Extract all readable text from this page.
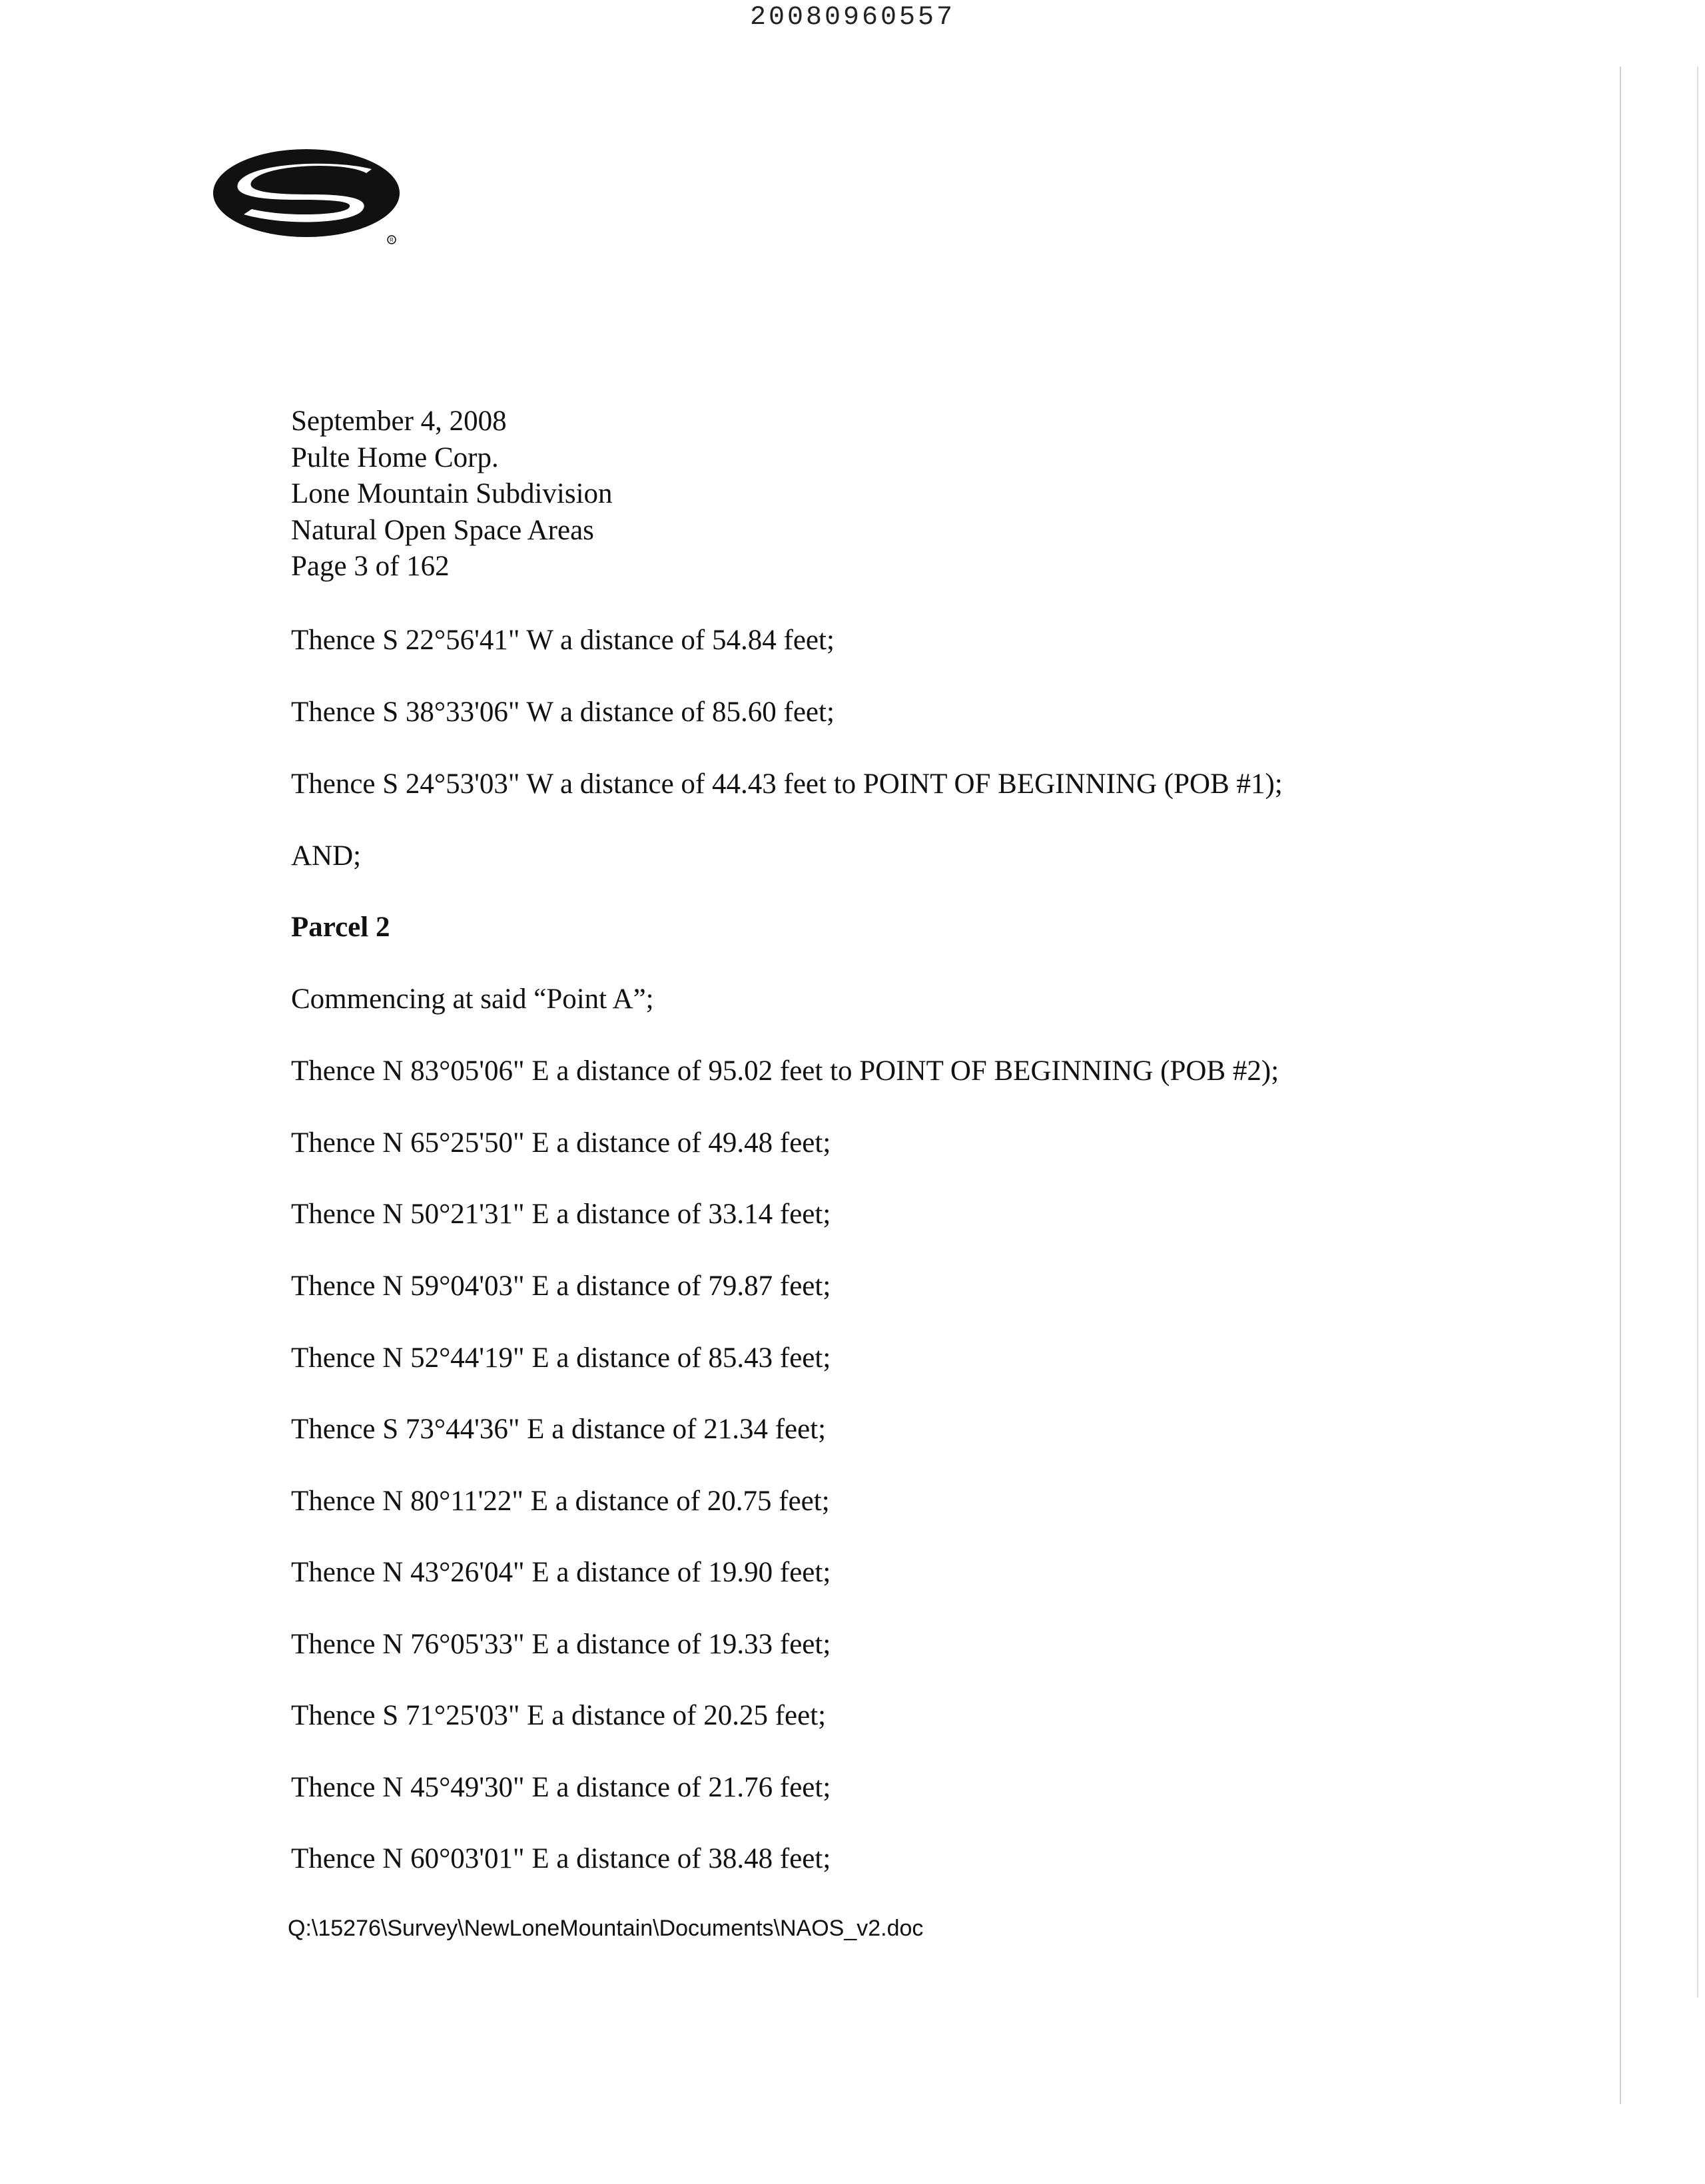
20080960557
R
September 4, 2008
Pulte Home Corp.
Lone Mountain Subdivision
Natural Open Space Areas
Page 3 of 162
Thence S 22°56'41" W a distance of 54.84 feet;
Thence S 38°33'06" W a distance of 85.60 feet;
Thence S 24°53'03" W a distance of 44.43 feet to POINT OF BEGINNING (POB #1);
AND;
Parcel 2
Commencing at said “Point A”;
Thence N 83°05'06" E a distance of 95.02 feet to POINT OF BEGINNING (POB #2);
Thence N 65°25'50" E a distance of 49.48 feet;
Thence N 50°21'31" E a distance of 33.14 feet;
Thence N 59°04'03" E a distance of 79.87 feet;
Thence N 52°44'19" E a distance of 85.43 feet;
Thence S 73°44'36" E a distance of 21.34 feet;
Thence N 80°11'22" E a distance of 20.75 feet;
Thence N 43°26'04" E a distance of 19.90 feet;
Thence N 76°05'33" E a distance of 19.33 feet;
Thence S 71°25'03" E a distance of 20.25 feet;
Thence N 45°49'30" E a distance of 21.76 feet;
Thence N 60°03'01" E a distance of 38.48 feet;
Q:\15276\Survey\NewLoneMountain\Documents\NAOS_v2.doc
